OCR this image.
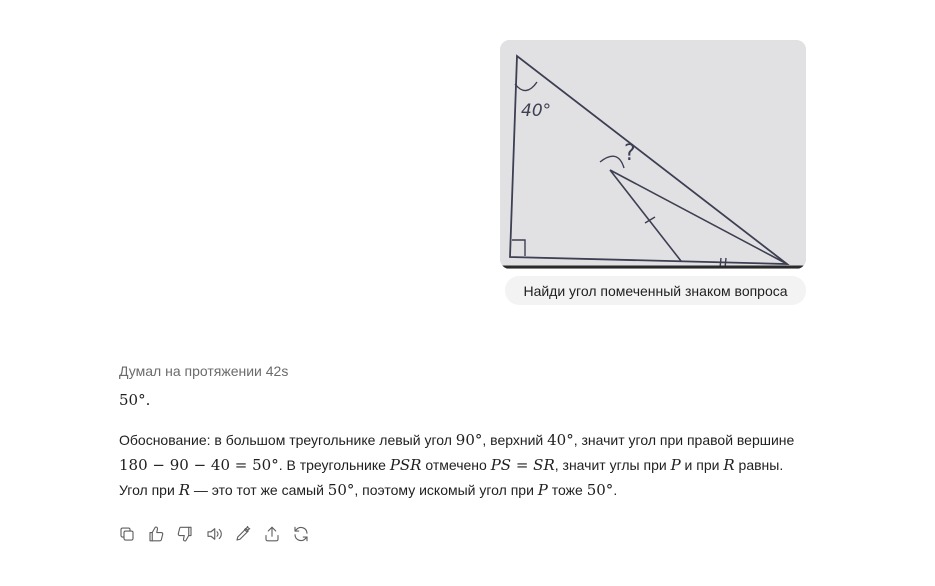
40°
?
Найди угол помеченный знаком вопроса
Думал на протяжении 42s
50°.

Обоснование: в большом треугольнике левый угол 90°, верхний 40°, значит угол при правой вершине

180 − 90 − 40 = 50°. В треугольнике PSR отмечено PS = SR, значит углы при P и при R равны.

Угол при R — это тот же самый 50°, поэтому искомый угол при P тоже 50°.
